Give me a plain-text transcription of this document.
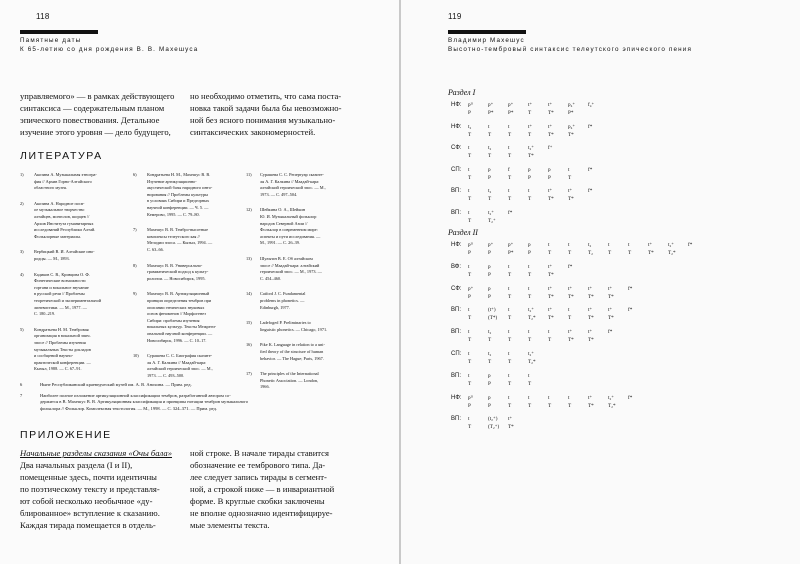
118
Памятные даты
К 65-летию со дня рождения В. В. Махешуса
управляемого» — в рамках действующего
синтаксиса — содержательным планом
эпического повествования. Детальное
изучение этого уровня — дело будущего,
но необходимо отметить, что сама поста-
новка такой задачи была бы невозможно-
ной без ясного понимания музыкально-
синтаксических закономерностей.
ЛИТЕРАТУРА
1) Акозина А. Музыкальная этногра-
фия // Архив Горно-Алтайского
областного музея.
2) Акозина А. Народное посв-
ое музыкальное творчество
алтайцев, монголов, шорцев //
Архив Института гуманитарных
исследований Республики Алтай.
Фольклорные материалы.
3) Вербицкий В. И. Алтайские ино-
родцы. — М., 1893.
4) Кадиков С. В., Кривцова О. Ф.
Фонетические возможности
гортани и вокальное звучание
в русской речи // Проблемы
теоретической и экспериментальной
лингвистики. — М., 1977. —
С. 180–219.
5) Кондратьева Н. М. Тембровая
организация в вокальной эпич.
эпосе // Проблемы изучения
музыкальных Тексты докладов
и сообщений научно-
практической конференции. —
Кызыл, 1988. — С. 67–91.
6) Кондратьева Н. М., Махешус В. В.
Изучение артикуляционно-
акустической базы народного инто-
нирования // Проблемы культуры
в условиях Сибири и Предгорных
научной конференции. — Ч. 5. —
Кемерово, 1995. — С. 79–80.
7) Махешус В. В. Тембро-высотные
комплексы телеутского кая //
Мелодии эпоса. — Кызыл, 1994. —
С. 63–66.
8) Махешус В. В. Универсально-
грамматический подход к культу-
рологии. — Новосибирск, 1995.
9) Махешус В. В. Артикуляционный
принцип определения тембров при
описании этнических звуковых
основ феноменов // Морфогенез
Сибири: проблемы изучения
вокальных культур. Тексты Межреги-
ональной научной конференции. —
Новосибирск, 1996. — С. 10–17.
10) Сурашева С. С. Биография сказите-
ля А. Г. Калкина // Маадай-кара:
алтайский героический эпос. — М.,
1973. — С. 493–500.
11) Сурашева С. С. Репертуар сказите-
ля А. Г. Калкина // Маадай-кара:
алтайский героический эпос. — М.,
1973. — С. 497–504.
12) Шейкина О. А., Шейкин
Ю. И. Музыкальный фольклор
народов Северной Азии //
Фольклор в современном мире:
аспекты и пути исследования. —
М., 1991. — С. 26–39.
13) Шульгин В. Е. Об алтайском
эпосе // Маадай-кара: алтайский
героический эпос. — М., 1973. —
С. 454–460.
14) Catford J. C. Fundamental
problems in phonetics. —
Edinburgh, 1977.
15) Ladefoged P. Preliminaries to
linguistic phonetics. — Chicago, 1971.
16) Pike K. Language in relation to a uni-
fied theory of the structure of human
behavior. — The Hague; Paris, 1967.
17) The principles of the International
Phonetic Association. — London,
1966.
6	Ныне Республиканский краеведческий музей им. А. В. Анохина. — Прим. ред.
7	Наиболее полное изложение артикуляционной классификации тембров, разработанной автором со-
держится в В. Махешус В. В. Артикуляционная классификация и принципы нотации тембров музыкального
фольклора // Фольклор. Комплексная текстология. — М., 1998. — С. 324–371. — Прим. ред.
ПРИЛОЖЕНИЕ
Начальные разделы сказания «Очы бала»
Два начальных раздела (I и II),
помещенные здесь, почти идентичны
по поэтическому тексту и представля-
ют собой несколько необычное «ду-
блированное» вступление к сказанию.
Каждая тирада помещается в отдель-
ной строке. В начале тирады ставится
обозначение ее тембрового типа. Да-
лее следует запись тирады в сегмент-
ной, а строкой ниже — в инвариантной
форме. В круглые скобки заключены
не вполне однозначно идентифицируе-
мые элементы текста.
119
Владимир Махешус
Высотно-тембровый синтаксис телеутского эпического пения
Раздел I
НФ: pᴵᴵ	p⁺	p⁺	t⁺	t⁺	p₄⁺ f₄⁺
P	P*	P*	T	T*	P*
НФ: t₂	t	t	t⁺	t⁺	p₄⁺ f*
T	T	T	T	T*	T*
СФ: t	t₂	t	t₂⁺	f⁺
T	T	T	T*
СП: t	p	f	p	p	t	f*
T	P	T	P	P	T
ВП: t	t₂	t	t	t⁺	t⁺	f*
T	T	T	T	T*	T*
ВП: t	t₂⁺	f*
T	T₂⁺
Раздел II
НФ: pᴵᴵ	p⁺	p⁺	p	t	t	t₂	t	t	t⁺	t₂⁺	f*
P	P	P*	P	T	T	T₂	T	T	T*	T₂*
ВФ: t	p	t	t	t⁺	f*
T	P	T	T	T*
СФ: p⁺	p	t	t	t⁺	t⁺	t⁺	t⁺	f*
P	P	T	T	T*	T*	T*	T*
ВП: t	(t⁺) t	t₂⁺	t⁺	t	t⁺	t⁺	f*
T	(T*) T	T₂* T*	T	T*	T*
ВП: t	t₂	t	t	t	t⁺	t⁺	f*
T	T	T	T	T	T*	T*
СП: t	t₂	t	t₂⁺
T	T	T	T₂*
ВП: t	p	t	t
T	P	T	T
НФ: pᴵᴵ	p	t	t	t	t	t⁺	t₂⁺	f*
P	P	T	T	T	T	T*	T₂*
ВП: t	(t₂⁺) t⁺
T	(T₂⁺) T*
